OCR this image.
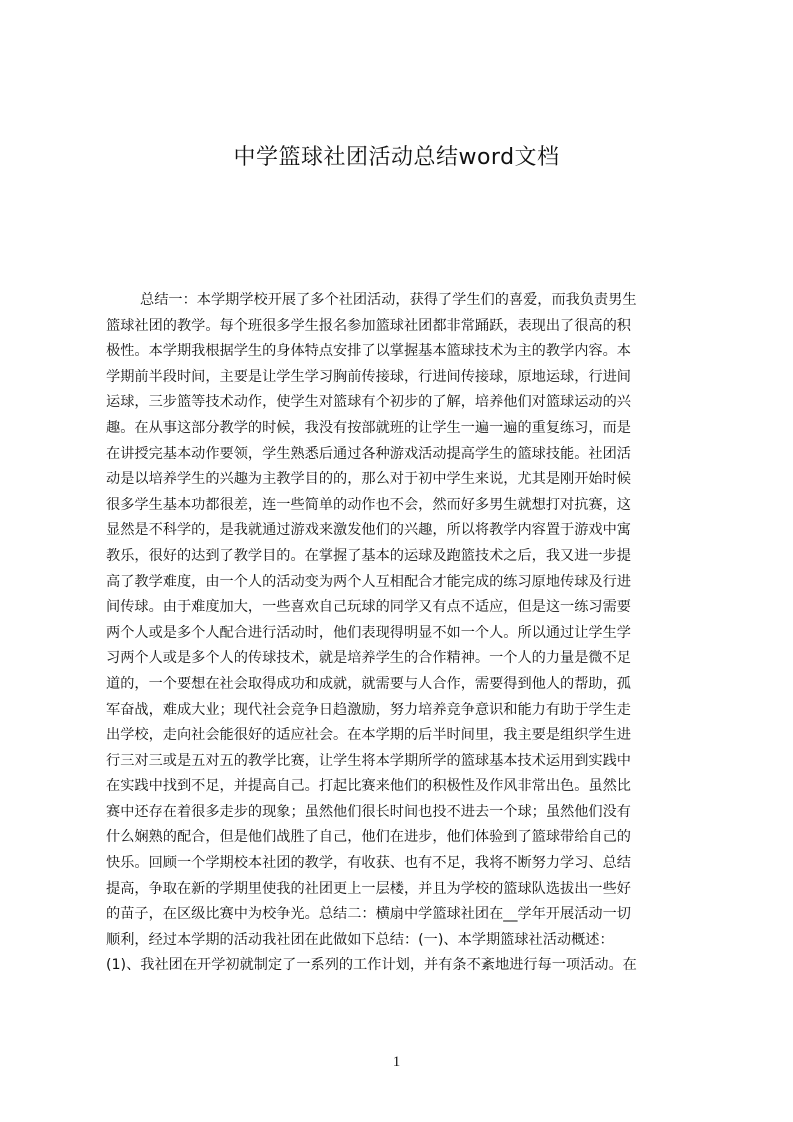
中学篮球社团活动总结word文档
总结一：本学期学校开展了多个社团活动，获得了学生们的喜爱，而我负责男生
篮球社团的教学。每个班很多学生报名参加篮球社团都非常踊跃，表现出了很高的积
极性。本学期我根据学生的身体特点安排了以掌握基本篮球技术为主的教学内容。本
学期前半段时间，主要是让学生学习胸前传接球，行进间传接球，原地运球，行进间
运球，三步篮等技术动作，使学生对篮球有个初步的了解，培养他们对篮球运动的兴
趣。在从事这部分教学的时候，我没有按部就班的让学生一遍一遍的重复练习，而是
在讲授完基本动作要领，学生熟悉后通过各种游戏活动提高学生的篮球技能。社团活
动是以培养学生的兴趣为主教学目的的，那么对于初中学生来说，尤其是刚开始时候
很多学生基本功都很差，连一些简单的动作也不会，然而好多男生就想打对抗赛，这
显然是不科学的，是我就通过游戏来激发他们的兴趣，所以将教学内容置于游戏中寓
教乐，很好的达到了教学目的。在掌握了基本的运球及跑篮技术之后，我又进一步提
高了教学难度，由一个人的活动变为两个人互相配合才能完成的练习原地传球及行进
间传球。由于难度加大，一些喜欢自己玩球的同学又有点不适应，但是这一练习需要
两个人或是多个人配合进行活动时，他们表现得明显不如一个人。所以通过让学生学
习两个人或是多个人的传球技术，就是培养学生的合作精神。一个人的力量是微不足
道的，一个要想在社会取得成功和成就，就需要与人合作，需要得到他人的帮助，孤
军奋战，难成大业；现代社会竞争日趋激励，努力培养竞争意识和能力有助于学生走
出学校，走向社会能很好的适应社会。在本学期的后半时间里，我主要是组织学生进
行三对三或是五对五的教学比赛，让学生将本学期所学的篮球基本技术运用到实践中
在实践中找到不足，并提高自己。打起比赛来他们的积极性及作风非常出色。虽然比
赛中还存在着很多走步的现象；虽然他们很长时间也投不进去一个球；虽然他们没有
什么娴熟的配合，但是他们战胜了自己，他们在进步，他们体验到了篮球带给自己的
快乐。回顾一个学期校本社团的教学，有收获、也有不足，我将不断努力学习、总结
提高，争取在新的学期里使我的社团更上一层楼，并且为学校的篮球队选拔出一些好
的苗子，在区级比赛中为校争光。总结二：横扇中学篮球社团在__学年开展活动一切
顺利，经过本学期的活动我社团在此做如下总结：(一)、本学期篮球社活动概述：
(1)、我社团在开学初就制定了一系列的工作计划，并有条不紊地进行每一项活动。在
1
